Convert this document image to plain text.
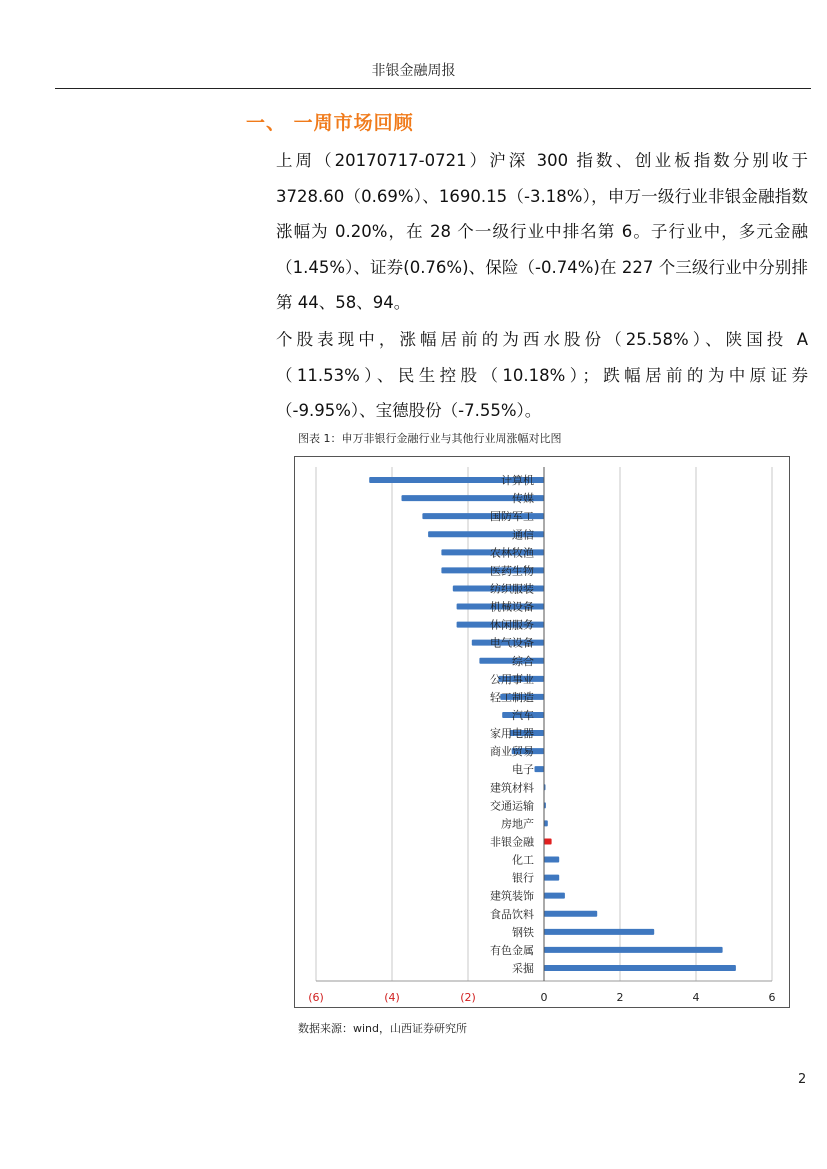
非银金融周报
一、 一周市场回顾
上周（20170717-0721）沪深 300 指数、创业板指数分别收于 3728.60（0.69%）、1690.15（-3.18%），申万一级行业非银金融指数涨幅为 0.20%，在 28 个一级行业中排名第 6。子行业中，多元金融（1.45%）、证券(0.76%)、保险（-0.74%)在 227 个三级行业中分别排第 44、58、94。
个股表现中，涨幅居前的为西水股份（25.58%）、陕国投 A（11.53%）、民生控股（10.18%）；跌幅居前的为中原证券（-9.95%）、宝德股份（-7.55%）。
图表 1：申万非银行金融行业与其他行业周涨幅对比图
计算机
传媒
国防军工
通信
农林牧渔
医药生物
纺织服装
机械设备
休闲服务
电气设备
综合
公用事业
轻工制造
汽车
家用电器
商业贸易
电子
建筑材料
交通运输
房地产
非银金融
化工
银行
建筑装饰
食品饮料
钢铁
有色金属
采掘
(6)	(4)	(2)	0	2	4	6
数据来源：wind，山西证券研究所
2
